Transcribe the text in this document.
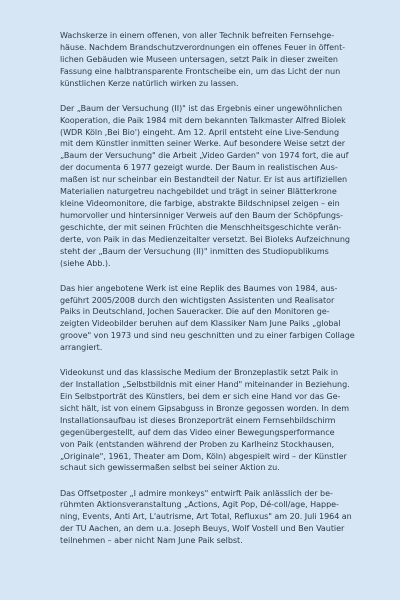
Wachskerze in einem offenen, von aller Technik befreiten Fernsehge-
häuse. Nachdem Brandschutzverordnungen ein offenes Feuer in öffent-
lichen Gebäuden wie Museen untersagen, setzt Paik in dieser zweiten
Fassung eine halbtransparente Frontscheibe ein, um das Licht der nun
künstlichen Kerze natürlich wirken zu lassen.
Der „Baum der Versuchung (II)" ist das Ergebnis einer ungewöhnlichen
Kooperation, die Paik 1984 mit dem bekannten Talkmaster Alfred Biolek
(WDR Köln ‚Bei Bio') eingeht. Am 12. April entsteht eine Live-Sendung
mit dem Künstler inmitten seiner Werke. Auf besondere Weise setzt der
„Baum der Versuchung" die Arbeit „Video Garden" von 1974 fort, die auf
der documenta 6 1977 gezeigt wurde. Der Baum in realistischen Aus-
maßen ist nur scheinbar ein Bestandteil der Natur. Er ist aus artifiziellen
Materialien naturgetreu nachgebildet und trägt in seiner Blätterkrone
kleine Videomonitore, die farbige, abstrakte Bildschnipsel zeigen – ein
humorvoller und hintersinniger Verweis auf den Baum der Schöpfungs-
geschichte, der mit seinen Früchten die Menschheitsgeschichte verän-
derte, von Paik in das Medienzeitalter versetzt. Bei Bioleks Aufzeichnung
steht der „Baum der Versuchung (II)" inmitten des Studiopublikums
(siehe Abb.).
Das hier angebotene Werk ist eine Replik des Baumes von 1984, aus-
geführt 2005/2008 durch den wichtigsten Assistenten und Realisator
Paiks in Deutschland, Jochen Saueracker. Die auf den Monitoren ge-
zeigten Videobilder beruhen auf dem Klassiker Nam June Paiks „global
groove" von 1973 und sind neu geschnitten und zu einer farbigen Collage
arrangiert.
Videokunst und das klassische Medium der Bronzeplastik setzt Paik in
der Installation „Selbstbildnis mit einer Hand" miteinander in Beziehung.
Ein Selbstporträt des Künstlers, bei dem er sich eine Hand vor das Ge-
sicht hält, ist von einem Gipsabguss in Bronze gegossen worden. In dem
Installationsaufbau ist dieses Bronzeporträt einem Fernsehbildschirm
gegenübergestellt, auf dem das Video einer Bewegungsperformance
von Paik (entstanden während der Proben zu Karlheinz Stockhausen,
„Originale", 1961, Theater am Dom, Köln) abgespielt wird – der Künstler
schaut sich gewissermaßen selbst bei seiner Aktion zu.
Das Offsetposter „I admire monkeys" entwirft Paik anlässlich der be-
rühmten Aktionsveranstaltung „Actions, Agit Pop, Dé-coll/age, Happe-
ning, Events, Anti Art, L'autrisme, Art Total, Refluxus" am 20. Juli 1964 an
der TU Aachen, an dem u.a. Joseph Beuys, Wolf Vostell und Ben Vautier
teilnehmen – aber nicht Nam June Paik selbst.
